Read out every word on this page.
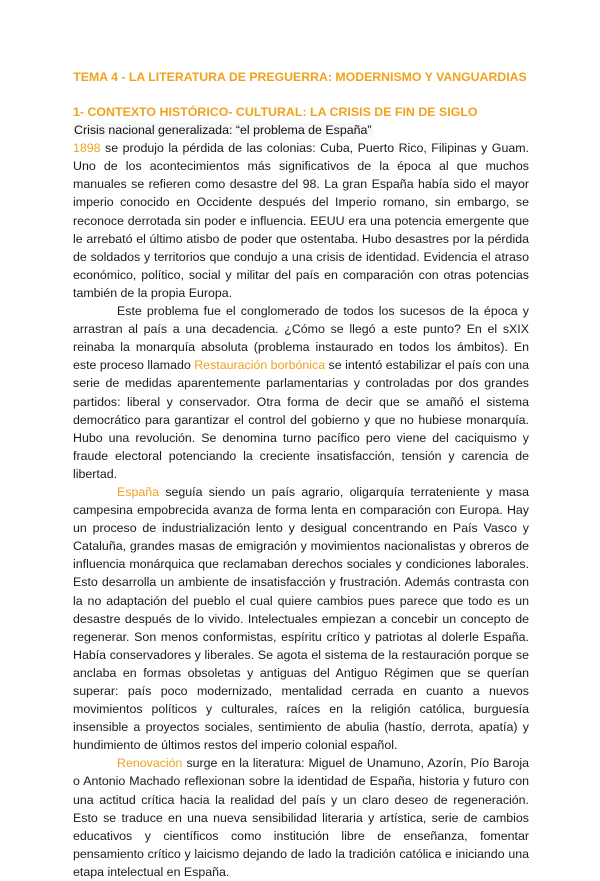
TEMA 4 - LA LITERATURA DE PREGUERRA: MODERNISMO Y VANGUARDIAS
1- CONTEXTO HISTÓRICO- CULTURAL: LA CRISIS DE FIN DE SIGLO
Crisis nacional generalizada: “el problema de España”

1898 se produjo la pérdida de las colonias: Cuba, Puerto Rico, Filipinas y Guam. Uno de los acontecimientos más significativos de la época al que muchos manuales se refieren como desastre del 98. La gran España había sido el mayor imperio conocido en Occidente después del Imperio romano, sin embargo, se reconoce derrotada sin poder e influencia. EEUU era una potencia emergente que le arrebató el último atisbo de poder que ostentaba. Hubo desastres por la pérdida de soldados y territorios que condujo a una crisis de identidad. Evidencia el atraso económico, político, social y militar del país en comparación con otras potencias también de la propia Europa.

Este problema fue el conglomerado de todos los sucesos de la época y arrastran al país a una decadencia. ¿Cómo se llegó a este punto? En el sXIX reinaba la monarquía absoluta (problema instaurado en todos los ámbitos). En este proceso llamado Restauración borbónica se intentó estabilizar el país con una serie de medidas aparentemente parlamentarias y controladas por dos grandes partidos: liberal y conservador. Otra forma de decir que se amañó el sistema democrático para garantizar el control del gobierno y que no hubiese monarquía. Hubo una revolución. Se denomina turno pacífico pero viene del caciquismo y fraude electoral potenciando la creciente insatisfacción, tensión y carencia de libertad.

España seguía siendo un país agrario, oligarquía terrateniente y masa campesina empobrecida avanza de forma lenta en comparación con Europa. Hay un proceso de industrialización lento y desigual concentrando en País Vasco y Cataluña, grandes masas de emigración y movimientos nacionalistas y obreros de influencia monárquica que reclamaban derechos sociales y condiciones laborales. Esto desarrolla un ambiente de insatisfacción y frustración. Además contrasta con la no adaptación del pueblo el cual quiere cambios pues parece que todo es un desastre después de lo vivido. Intelectuales empiezan a concebir un concepto de regenerar. Son menos conformistas, espíritu crítico y patriotas al dolerle España. Había conservadores y liberales. Se agota el sistema de la restauración porque se anclaba en formas obsoletas y antiguas del Antiguo Régimen que se querían superar: país poco modernizado, mentalidad cerrada en cuanto a nuevos movimientos políticos y culturales, raíces en la religión católica, burguesía insensible a proyectos sociales, sentimiento de abulia (hastío, derrota, apatía) y hundimiento de últimos restos del imperio colonial español.

Renovación surge en la literatura: Miguel de Unamuno, Azorín, Pío Baroja o Antonio Machado reflexionan sobre la identidad de España, historia y futuro con una actitud crítica hacia la realidad del país y un claro deseo de regeneración. Esto se traduce en una nueva sensibilidad literaria y artística, serie de cambios educativos y científicos como institución libre de enseñanza, fomentar pensamiento crítico y laicismo dejando de lado la tradición católica e iniciando una etapa intelectual en España.
